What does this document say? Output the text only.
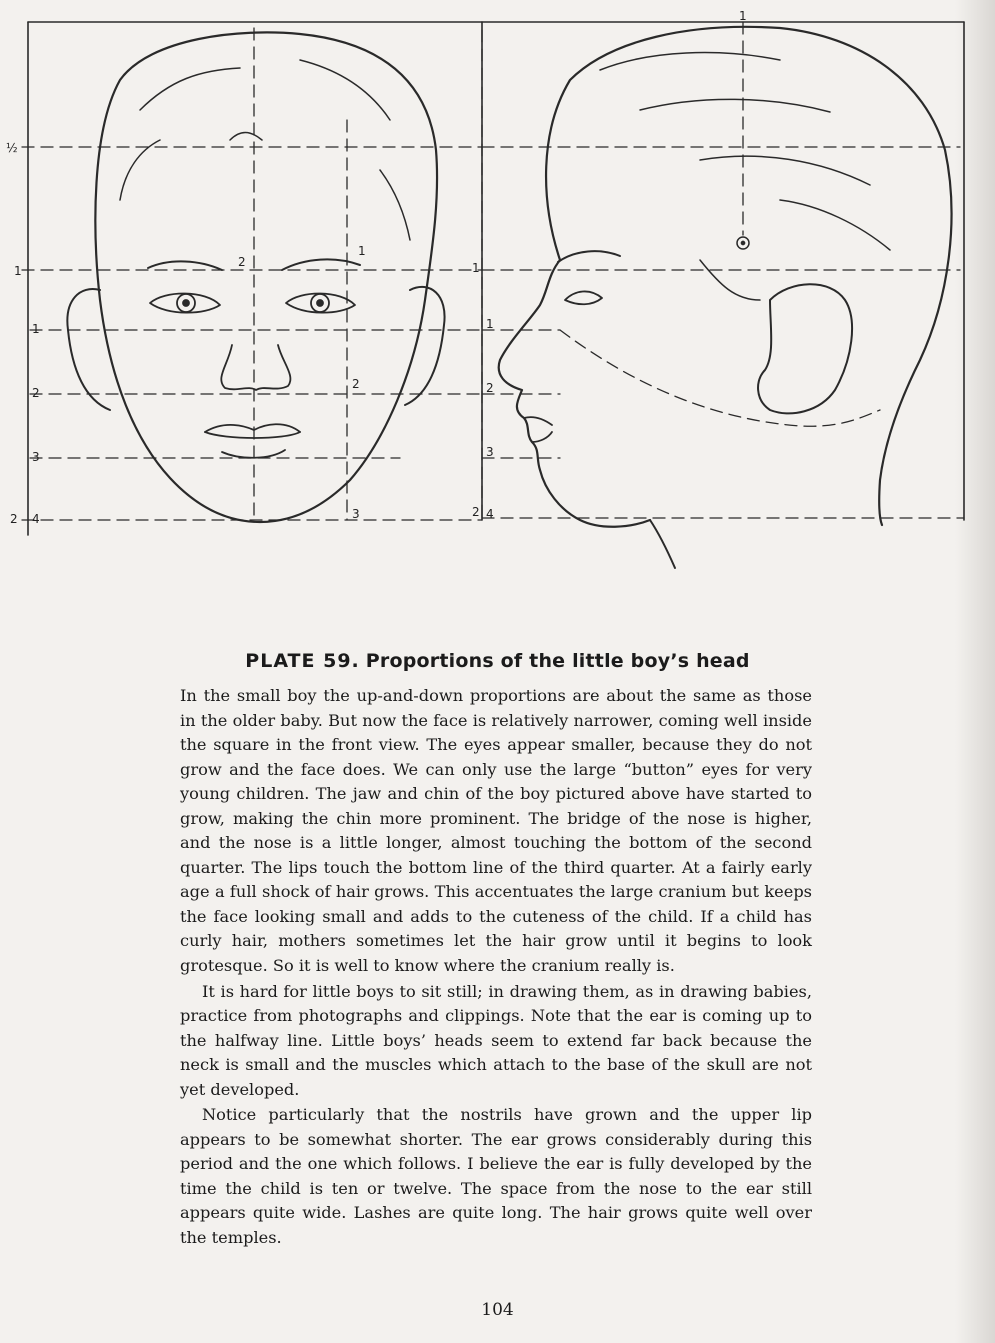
½
1
1
2
3
2 4
2
1
2
3
1
1
1
2
3
2 4
PLATE 59. Proportions of the little boy’s head

In the small boy the up-and-down proportions are about the same as those in the older baby. But now the face is relatively narrower, coming well inside the square in the front view. The eyes appear smaller, because they do not grow and the face does. We can only use the large “button” eyes for very young children. The jaw and chin of the boy pictured above have started to grow, making the chin more prominent. The bridge of the nose is higher, and the nose is a little longer, almost touching the bottom of the second quarter. The lips touch the bottom line of the third quarter. At a fairly early age a full shock of hair grows. This accentuates the large cranium but keeps the face looking small and adds to the cuteness of the child. If a child has curly hair, mothers sometimes let the hair grow until it begins to look grotesque. So it is well to know where the cranium really is.

It is hard for little boys to sit still; in drawing them, as in drawing babies, practice from photographs and clippings. Note that the ear is coming up to the halfway line. Little boys’ heads seem to extend far back because the neck is small and the muscles which attach to the base of the skull are not yet developed.

Notice particularly that the nostrils have grown and the upper lip appears to be somewhat shorter. The ear grows considerably during this period and the one which follows. I believe the ear is fully developed by the time the child is ten or twelve. The space from the nose to the ear still appears quite wide. Lashes are quite long. The hair grows quite well over the temples.

104
